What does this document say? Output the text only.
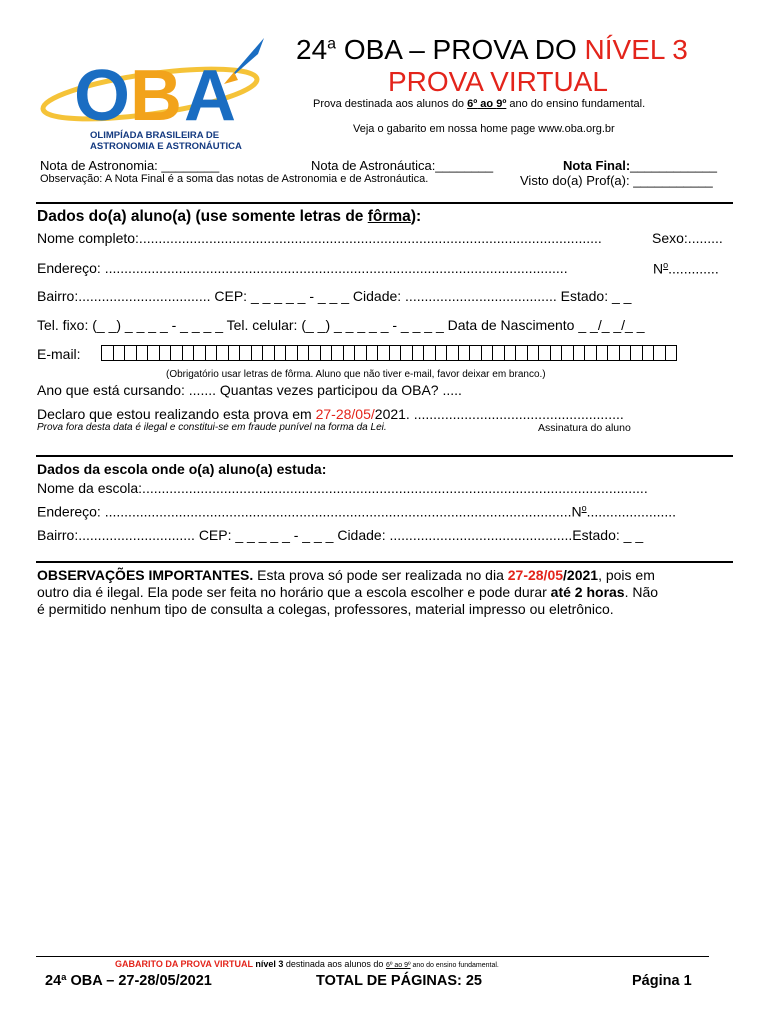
O B A
OLIMPÍADA BRASILEIRA DE
ASTRONOMIA E ASTRONÁUTICA
24$^a$ OBA – PROVA DO NÍVEL 3
PROVA VIRTUAL
Prova destinada aos alunos do 6º ao 9º ano do ensino fundamental.
Veja o gabarito em nossa home page www.oba.org.br
Nota de Astronomia: ________	Nota de Astronáutica:________	Nota Final:____________
Observação: A Nota Final é a soma das notas de Astronomia e de Astronáutica.	Visto do(a) Prof(a): ___________
Dados do(a) aluno(a) (use somente letras de fôrma):
Nome completo:.......................................................................................................................	Sexo:.........
Endereço: .......................................................................................................................	$N^o$.............
Bairro:.................................. CEP: _ _ _ _ _ - _ _ _ Cidade: ....................................... Estado: _ _
Tel. fixo: (_ _) _ _ _ _ - _ _ _ _ Tel. celular: (_ _) _ _ _ _ _ - _ _ _ _ Data de Nascimento _ _/_ _/_ _
E-mail:
(Obrigatório usar letras de fôrma. Aluno que não tiver e-mail, favor deixar em branco.)
Ano que está cursando: ....... Quantas vezes participou da OBA? .....
Declaro que estou realizando esta prova em 27-28/05/2021. ......................................................
Prova fora desta data é ilegal e constitui-se em fraude punível na forma da Lei.	Assinatura do aluno
Dados da escola onde o(a) aluno(a) estuda:
Nome da escola:..................................................................................................................................
Endereço: ........................................................................................................................$N^o$.......................
Bairro:.............................. CEP: _ _ _ _ _ - _ _ _ Cidade: ...............................................Estado: _ _
OBSERVAÇÕES IMPORTANTES. Esta prova só pode ser realizada no dia 27-28/05/2021, pois em
outro dia é ilegal. Ela pode ser feita no horário que a escola escolher e pode durar até 2 horas. Não
é permitido nenhum tipo de consulta a colegas, professores, material impresso ou eletrônico.
GABARITO DA PROVA VIRTUAL nível 3 destinada aos alunos do 6º ao 9º ano do ensino fundamental.
24ª OBA – 27-28/05/2021	TOTAL DE PÁGINAS: 25	Página 1
